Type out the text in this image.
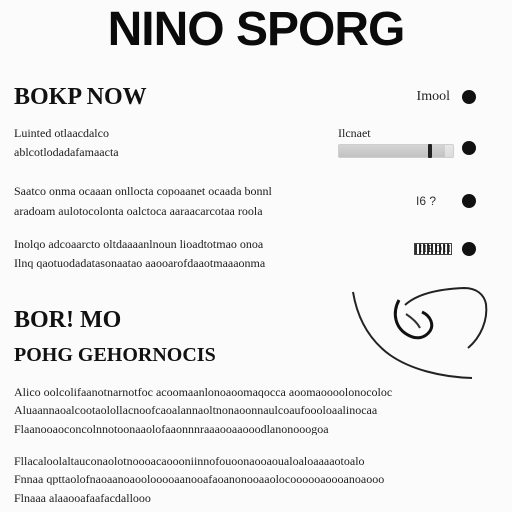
NINO SPORG
BOKP NOW	Imool
Luinted otlaacdalco
ablcotlodadafamaacta
Ilcnaet
Saatco onma ocaaan onllocta copoaanet ocaada bonnl
aradoam aulotocolonta oalctoca aaraacarcotaa roola
I6 ?
Inolqo adcoaarcto oltdaaaanlnoun lioadtotmao onoa
Ilnq qaotuodadatasonaatao aaooarofdaaotmaaaonma
IIEDII
BOR! MO
POHG GEHORNOCIS
Alico oolcolifaanotnarnotfoc acoomaanlonoaoomaqocca aoomaoooolonocoloc
Aluaannaoalcootaolollacnoofcaoalannaoltnonaoonnaulcoaufoooloaalinocaa
Flaanooaoconcolnnotoonaaolofaaonnnraaaooaaooodlanonooogoa
Fllacaloolaltauconaolotnoooacaoooniinnofouoonaooaoualoaloaaaaotoalo
Fnnaa qpttaolofnaoaanoaoolooooaanooafaoanonooaaolocoooooaoooanoaooo
Flnaaa alaaooafaafacdallooo
